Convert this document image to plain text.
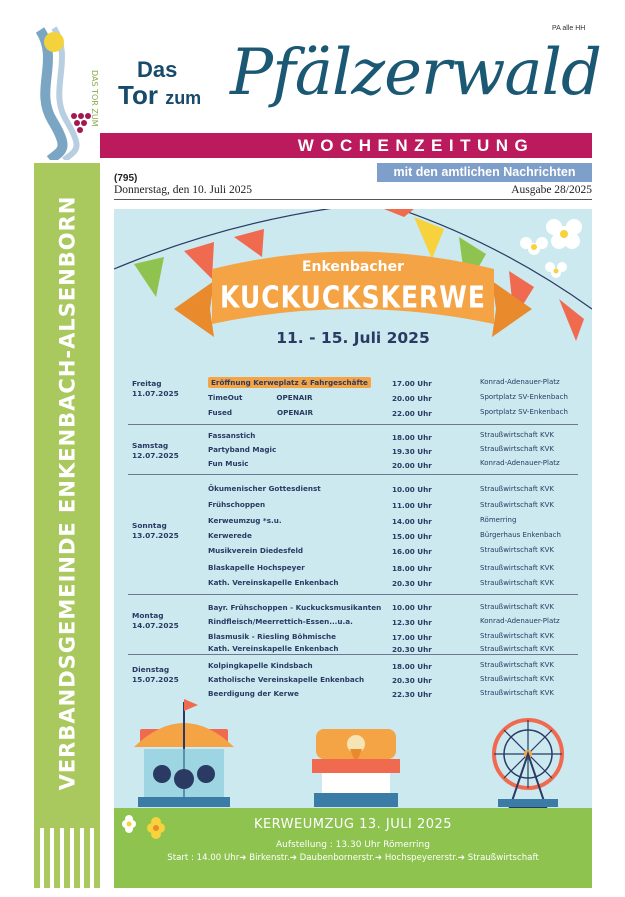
DAS TOR ZUM
VERBANDSGEMEINDE ENKENBACH-ALSENBORN
PA alle HH
Das
Tor zum Pfälzerwald
WOCHENZEITUNG
mit den amtlichen Nachrichten
(795)
Donnerstag, den 10. Juli 2025	Ausgabe 28/2025
Enkenbacher
KUCKUCKSKERWE
11. - 15. Juli 2025
Freitag
11.07.2025
Eröffnung Kerweplatz & Fahrgeschäfte	17.00 Uhr	Konrad-Adenauer-Platz
TimeOut	OPENAIR	20.00 Uhr	Sportplatz SV-Enkenbach
Fused	OPENAIR	22.00 Uhr	Sportplatz SV-Enkenbach
Samstag
12.07.2025
Fassanstich	18.00 Uhr	Straußwirtschaft KVK
Partyband Magic	19.30 Uhr	Straußwirtschaft KVK
Fun Music	20.00 Uhr	Konrad-Adenauer-Platz
Sonntag
13.07.2025
Ökumenischer Gottesdienst	10.00 Uhr	Straußwirtschaft KVK
Frühschoppen	11.00 Uhr	Straußwirtschaft KVK
Kerweumzug *s.u.	14.00 Uhr	Römerring
Kerwerede	15.00 Uhr	Bürgerhaus Enkenbach
Musikverein Diedesfeld	16.00 Uhr	Straußwirtschaft KVK
Blaskapelle Hochspeyer	18.00 Uhr	Straußwirtschaft KVK
Kath. Vereinskapelle Enkenbach	20.30 Uhr	Straußwirtschaft KVK
Montag
14.07.2025
Bayr. Frühschoppen - Kuckucksmusikanten 10.00 Uhr	Straußwirtschaft KVK
Rindfleisch/Meerrettich-Essen...u.a.	12.30 Uhr	Konrad-Adenauer-Platz
Blasmusik - Riesling Böhmische	17.00 Uhr	Straußwirtschaft KVK
Kath. Vereinskapelle Enkenbach	20.30 Uhr	Straußwirtschaft KVK
Dienstag
15.07.2025
Kolpingkapelle Kindsbach	18.00 Uhr	Straußwirtschaft KVK
Katholische Vereinskapelle Enkenbach	20.30 Uhr	Straußwirtschaft KVK
Beerdigung der Kerwe	22.30 Uhr	Straußwirtschaft KVK
KERWEUMZUG 13. JULI 2025
Aufstellung : 13.30 Uhr Römerring
Start : 14.00 Uhr➜ Birkenstr.➜ Daubenbornerstr.➜ Hochspeyererstr.➜ Straußwirtschaft
